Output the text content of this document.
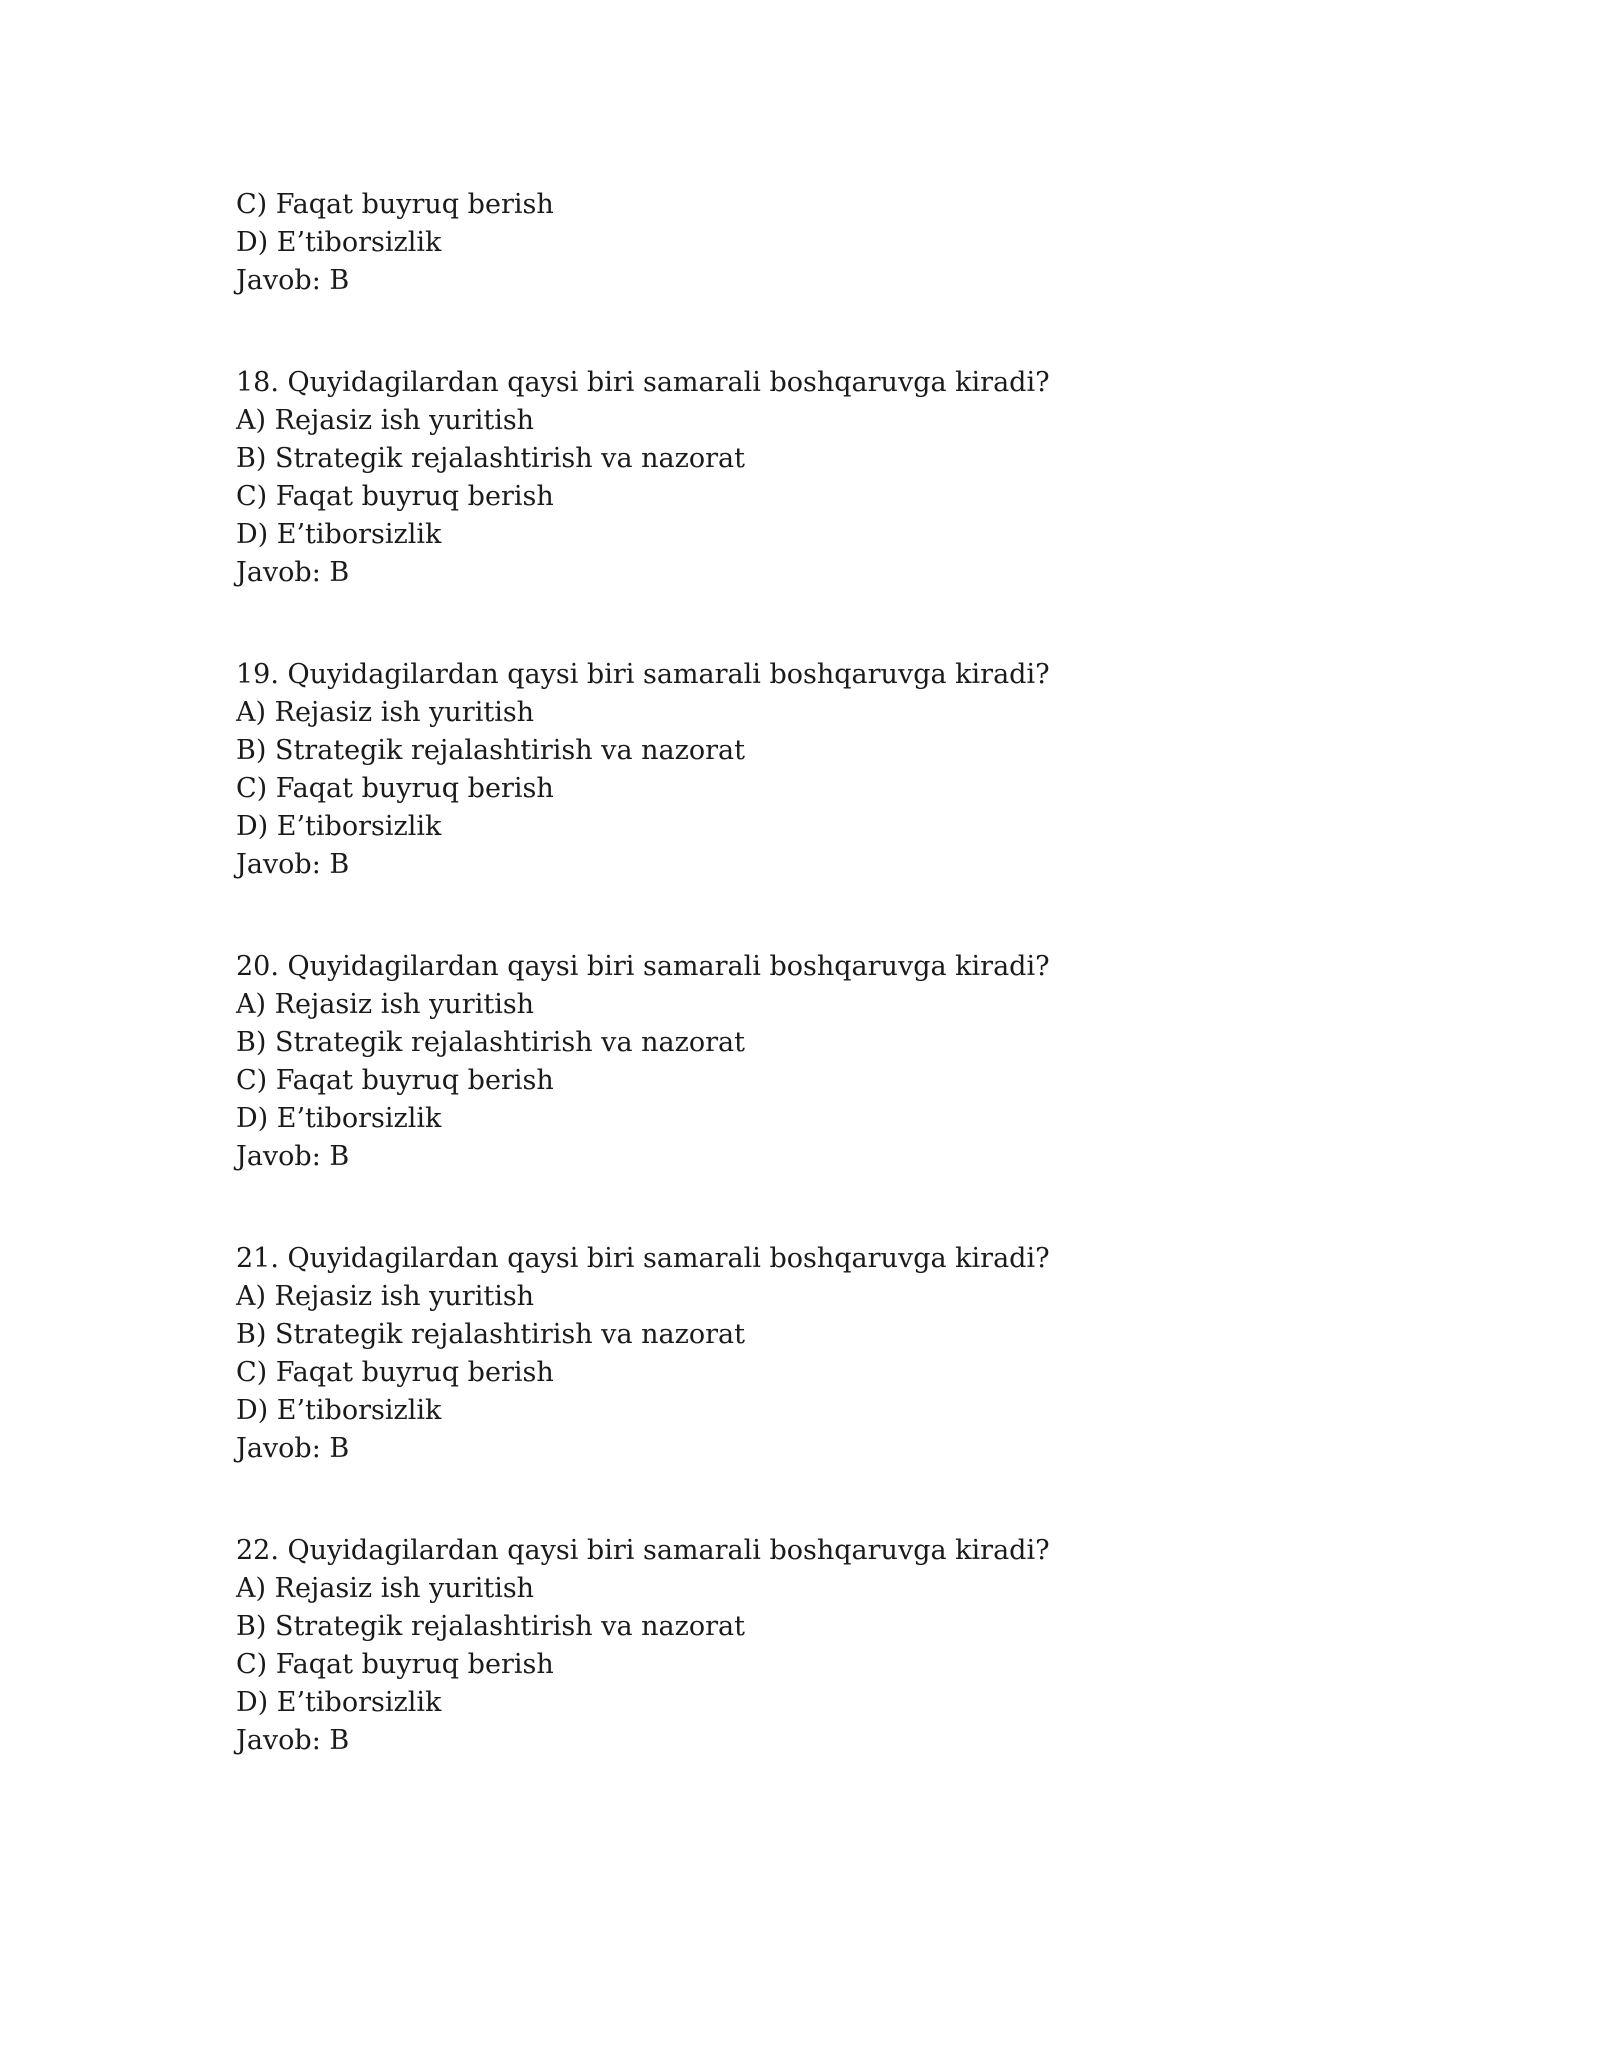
C) Faqat buyruq berish
D) E’tiborsizlik
Javob: B
18. Quyidagilardan qaysi biri samarali boshqaruvga kiradi?
A) Rejasiz ish yuritish
B) Strategik rejalashtirish va nazorat
C) Faqat buyruq berish
D) E’tiborsizlik
Javob: B
19. Quyidagilardan qaysi biri samarali boshqaruvga kiradi?
A) Rejasiz ish yuritish
B) Strategik rejalashtirish va nazorat
C) Faqat buyruq berish
D) E’tiborsizlik
Javob: B
20. Quyidagilardan qaysi biri samarali boshqaruvga kiradi?
A) Rejasiz ish yuritish
B) Strategik rejalashtirish va nazorat
C) Faqat buyruq berish
D) E’tiborsizlik
Javob: B
21. Quyidagilardan qaysi biri samarali boshqaruvga kiradi?
A) Rejasiz ish yuritish
B) Strategik rejalashtirish va nazorat
C) Faqat buyruq berish
D) E’tiborsizlik
Javob: B
22. Quyidagilardan qaysi biri samarali boshqaruvga kiradi?
A) Rejasiz ish yuritish
B) Strategik rejalashtirish va nazorat
C) Faqat buyruq berish
D) E’tiborsizlik
Javob: B
